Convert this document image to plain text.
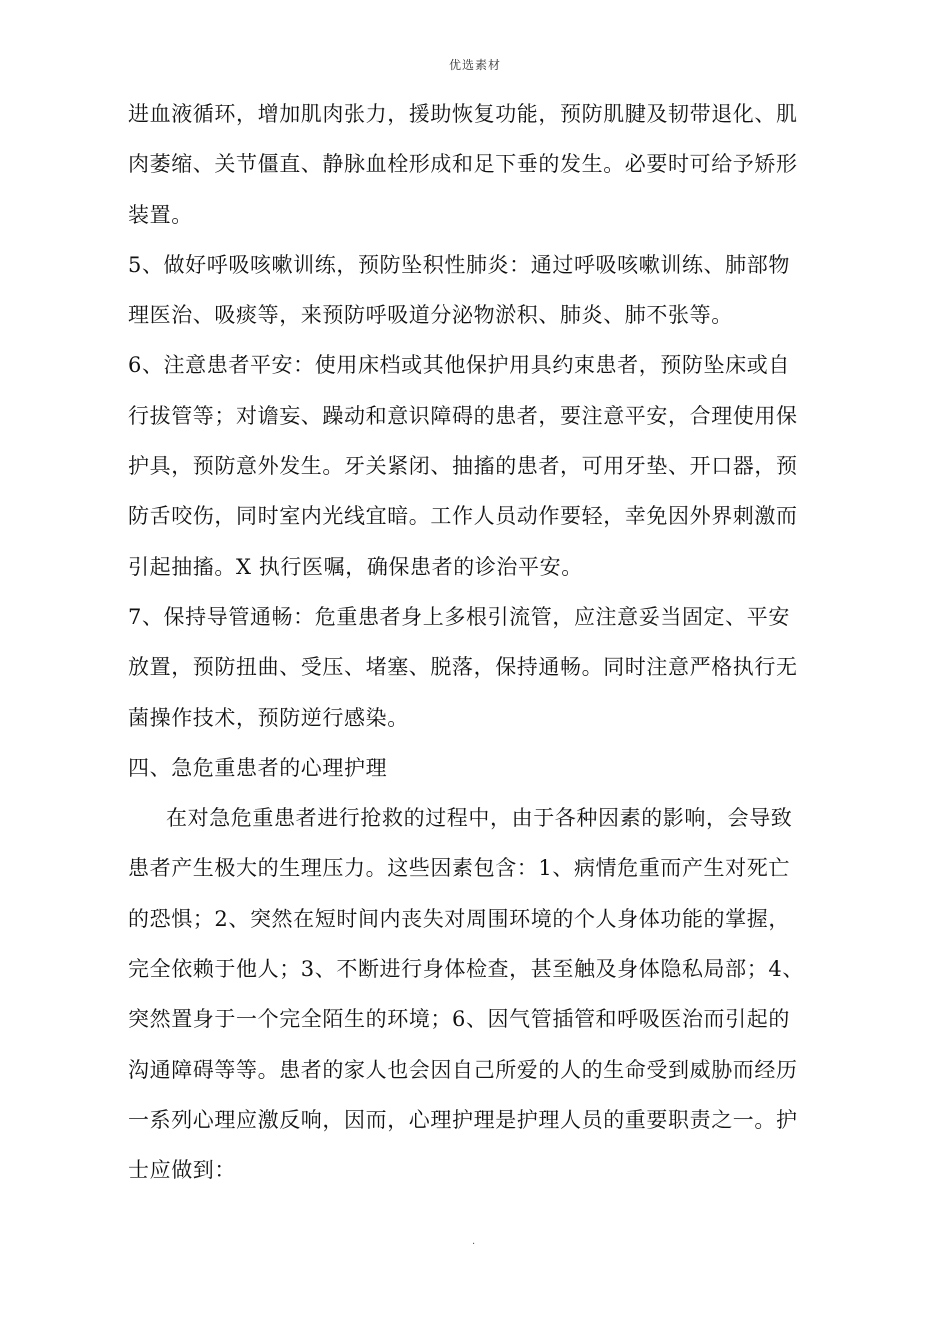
优选素材
进血液循环，增加肌肉张力，援助恢复功能，预防肌腱及韧带退化、肌
肉萎缩、关节僵直、静脉血栓形成和足下垂的发生。必要时可给予矫形
装置。
5、做好呼吸咳嗽训练，预防坠积性肺炎：通过呼吸咳嗽训练、肺部物
理医治、吸痰等，来预防呼吸道分泌物淤积、肺炎、肺不张等。
6、注意患者平安：使用床档或其他保护用具约束患者，预防坠床或自
行拔管等；对谵妄、躁动和意识障碍的患者，要注意平安，合理使用保
护具，预防意外发生。牙关紧闭、抽搐的患者，可用牙垫、开口器，预
防舌咬伤，同时室内光线宜暗。工作人员动作要轻，幸免因外界刺激而
引起抽搐。X 执行医嘱，确保患者的诊治平安。
7、保持导管通畅：危重患者身上多根引流管，应注意妥当固定、平安
放置，预防扭曲、受压、堵塞、脱落，保持通畅。同时注意严格执行无
菌操作技术，预防逆行感染。
四、急危重患者的心理护理
在对急危重患者进行抢救的过程中，由于各种因素的影响，会导致
患者产生极大的生理压力。这些因素包含：1、病情危重而产生对死亡
的恐惧；2、突然在短时间内丧失对周围环境的个人身体功能的掌握，
完全依赖于他人；3、不断进行身体检查，甚至触及身体隐私局部；4、
突然置身于一个完全陌生的环境；6、因气管插管和呼吸医治而引起的
沟通障碍等等。患者的家人也会因自己所爱的人的生命受到威胁而经历
一系列心理应激反响，因而，心理护理是护理人员的重要职责之一。护
士应做到：
.
